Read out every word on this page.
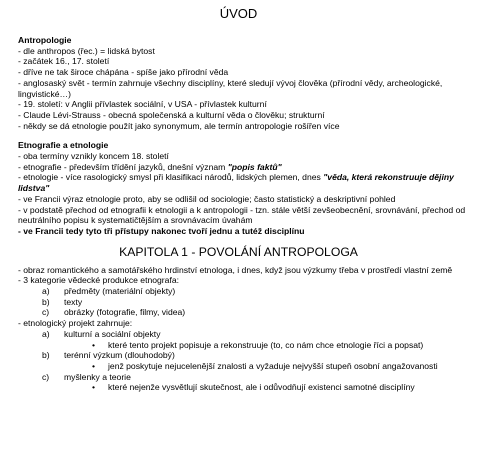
ÚVOD
Antropologie
- dle anthropos (řec.) = lidská bytost
- začátek 16., 17. století
- dříve ne tak široce chápána - spíše jako přírodní věda
- anglosaský svět - termín zahrnuje všechny disciplíny, které sledují vývoj člověka (přírodní vědy, archeologické, lingvistické…)
- 19. století: v Anglii přívlastek sociální, v USA - přívlastek kulturní
- Claude Lévi-Strauss - obecná společenská a kulturní věda o člověku; strukturní
- někdy se dá etnologie použít jako synonymum, ale termín antropologie rošířen více
Etnografie a etnologie
- oba termíny vznikly koncem 18. století
- etnografie - především třídění jazyků, dnešní význam "popis faktů"
- etnologie - více rasologický smysl při klasifikaci národů, lidských plemen, dnes "věda, která rekonstruuje dějiny lidstva"
- ve Francii výraz etnologie proto, aby se odlišil od sociologie; často statistický a deskriptivní pohled
- v podstatě přechod od etnografii k etnologii a k antropologii - tzn. stále větší zevšeobecnění, srovnávání, přechod od neutrálního popisu k systematičtějším a srovnávacím úvahám
- ve Francii tedy tyto tři přístupy nakonec tvoří jednu a tutéž disciplínu
KAPITOLA 1 - POVOLÁNÍ ANTROPOLOGA
- obraz romantického a samotářského hrdinství etnologa, i dnes, když jsou výzkumy třeba v prostředí vlastní země
- 3 kategorie vědecké produkce etnografa:
a)	předměty (materiální objekty)
b)	texty
c)	obrázky (fotografie, filmy, videa)
- etnologický projekt zahrnuje:
a)	kulturní a sociální objekty
•	které tento projekt popisuje a rekonstruuje (to, co nám chce etnologie říci a popsat)
b)	terénní výzkum (dlouhodobý)
•	jenž poskytuje nejucelenější znalosti a vyžaduje nejvyšší stupeň osobní angažovanosti
c)	myšlenky a teorie
•	které nejenže vysvětlují skutečnost, ale i odůvodňují existenci samotné disciplíny
